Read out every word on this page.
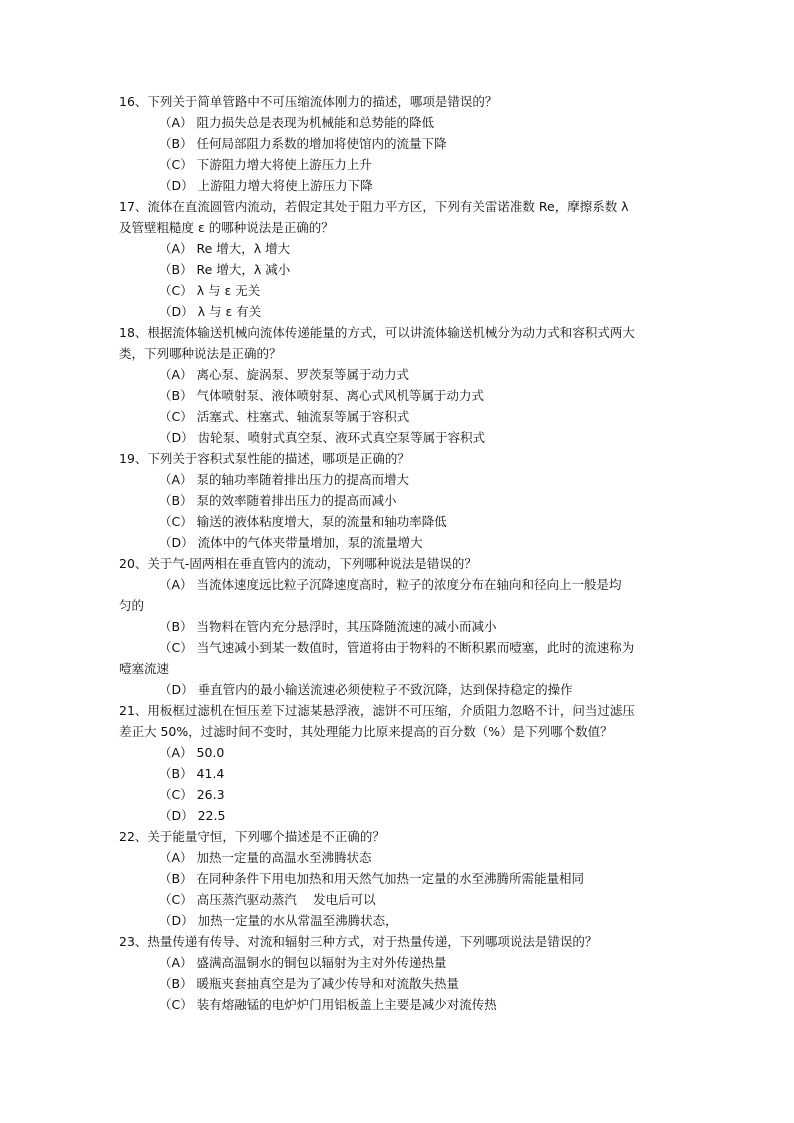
16、下列关于简单管路中不可压缩流体刚力的描述，哪项是错误的？
（A） 阻力损失总是表现为机械能和总势能的降低
（B） 任何局部阻力系数的增加将使馆内的流量下降
（C） 下游阻力增大将使上游压力上升
（D） 上游阻力增大将使上游压力下降
17、流体在直流圆管内流动，若假定其处于阻力平方区，下列有关雷诺准数 Re，摩擦系数 λ
及管壁粗糙度 ε 的哪种说法是正确的？
（A） Re 增大，λ 增大
（B） Re 增大，λ 减小
（C） λ 与 ε 无关
（D） λ 与 ε 有关
18、根据流体输送机械向流体传递能量的方式，可以讲流体输送机械分为动力式和容积式两大
类，下列哪种说法是正确的？
（A） 离心泵、旋涡泵、罗茨泵等属于动力式
（B） 气体喷射泵、液体喷射泵、离心式风机等属于动力式
（C） 活塞式、柱塞式、轴流泵等属于容积式
（D） 齿轮泵、喷射式真空泵、液环式真空泵等属于容积式
19、下列关于容积式泵性能的描述，哪项是正确的？
（A） 泵的轴功率随着排出压力的提高而增大
（B） 泵的效率随着排出压力的提高而减小
（C） 输送的液体粘度增大，泵的流量和轴功率降低
（D） 流体中的气体夹带量增加，泵的流量增大
20、关于气-固两相在垂直管内的流动，下列哪种说法是错误的？
（A） 当流体速度远比粒子沉降速度高时，粒子的浓度分布在轴向和径向上一般是均
匀的
（B） 当物料在管内充分悬浮时，其压降随流速的减小而减小
（C） 当气速减小到某一数值时，管道将由于物料的不断积累而噎塞，此时的流速称为
噎塞流速
（D） 垂直管内的最小输送流速必须使粒子不致沉降，达到保持稳定的操作
21、用板框过滤机在恒压差下过滤某悬浮液，滤饼不可压缩，介质阻力忽略不计，问当过滤压
差正大 50%，过滤时间不变时，其处理能力比原来提高的百分数（%）是下列哪个数值？
（A） 50.0
（B） 41.4
（C） 26.3
（D） 22.5
22、关于能量守恒，下列哪个描述是不正确的？
（A） 加热一定量的高温水至沸腾状态
（B） 在同种条件下用电加热和用天然气加热一定量的水至沸腾所需能量相同
（C） 高压蒸汽驱动蒸汽　 发电后可以
（D） 加热一定量的水从常温至沸腾状态，
23、热量传递有传导、对流和辐射三种方式，对于热量传递，下列哪项说法是错误的？
（A） 盛满高温铜水的铜包以辐射为主对外传递热量
（B） 暖瓶夹套抽真空是为了减少传导和对流散失热量
（C） 装有熔融锰的电炉炉门用铝板盖上主要是减少对流传热
